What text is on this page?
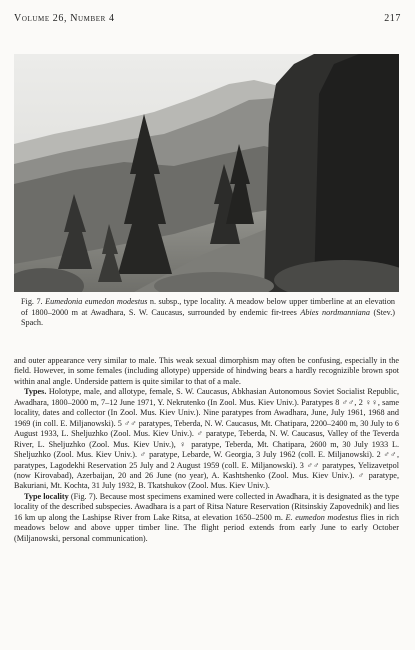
Volume 26, Number 4	217
Fig. 7. Eumedonia eumedon modestus n. subsp., type locality. A meadow below upper timberline at an elevation of 1800–2000 m at Awadhara, S. W. Caucasus, surrounded by endemic fir-trees Abies nordmanniana (Stev.) Spach.

and outer appearance very similar to male. This weak sexual dimorphism may often be confusing, especially in the field. However, in some females (including allotype) upperside of hindwing bears a hardly recognizible brown spot within anal angle. Underside pattern is quite similar to that of a male.

Types. Holotype, male, and allotype, female, S. W. Caucasus, Abkhasian Autonomous Soviet Socialist Republic, Awadhara, 1800–2000 m, 7–12 June 1971, Y. Nekrutenko (In Zool. Mus. Kiev Univ.). Paratypes 8 ♂♂, 2 ♀♀, same locality, dates and collector (In Zool. Mus. Kiev Univ.). Nine paratypes from Awadhara, June, July 1961, 1968 and 1969 (in coll. E. Miljanowski). 5 ♂♂ paratypes, Teberda, N. W. Caucasus, Mt. Chatipara, 2200–2400 m, 30 July to 6 August 1933, L. Sheljuzhko (Zool. Mus. Kiev Univ.). ♂ paratype, Teberda, N. W. Caucasus, Valley of the Teverda River, L. Sheljuzhko (Zool. Mus. Kiev Univ.), ♀ paratype, Teberda, Mt. Chatipara, 2600 m, 30 July 1933 L. Sheljuzhko (Zool. Mus. Kiev Univ.). ♂ paratype, Lebarde, W. Georgia, 3 July 1962 (coll. E. Miljanowski). 2 ♂♂, paratypes, Lagodekhi Reservation 25 July and 2 August 1959 (coll. E. Miljanowski). 3 ♂♂ paratypes, Yelizavetpol (now Kirovabad), Azerbaijan, 20 and 26 June (no year), A. Kashtshenko (Zool. Mus. Kiev Univ.). ♂ paratype, Bakuriani, Mt. Kochta, 31 July 1932, B. Tkatshukov (Zool. Mus. Kiev Univ.).

Type locality (Fig. 7). Because most specimens examined were collected in Awadhara, it is designated as the type locality of the described subspecies. Awadhara is a part of Ritsa Nature Reservation (Ritsinskiy Zapovednik) and lies 16 km up along the Lashipse River from Lake Ritsa, at elevation 1650–2500 m. E. eumedon modestus flies in rich meadows below and above upper timber line. The flight period extends from early June to early October (Miljanowski, personal communication).
